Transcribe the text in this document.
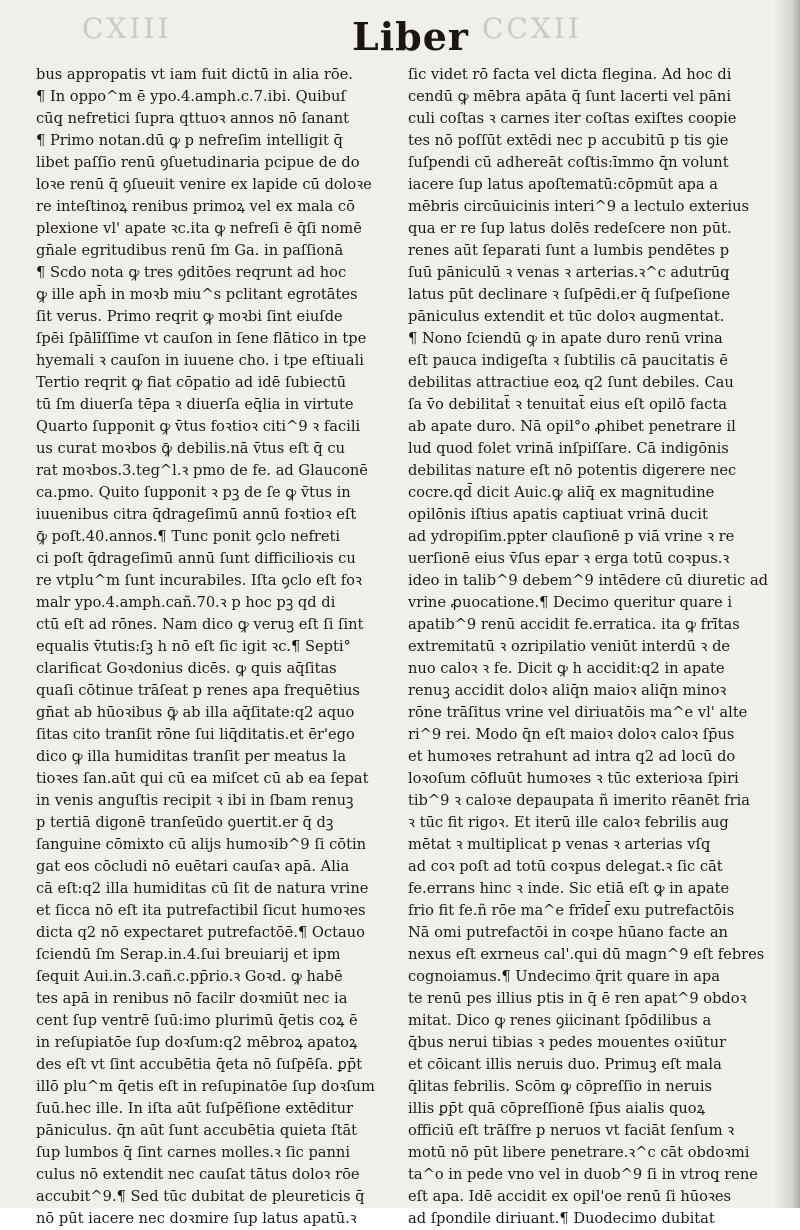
CXIII	CCXII
Liber
bus appropatis vt iam fuit dictū in alia rōe.
¶ In oppo^m ē ypo.4.amph.c.7.ibi. Quibuſ
cūq̧ nefretici ſupra qttuoꝛ annos nō ſanant
¶ Primo notan.dū ꝙ p nefreſim intelligit q̄
libet paſſio renū ꝯſuetudinaria pcipue de do
loꝛe renū q̄ ꝯſueuit venire ex lapide cū doloꝛe
re inteſtinoꝝ renibus primoꝝ vel ex mala cō
plexione vl' apate ꝛc.ita ꝙ nefreſi ē q̄ſi nomē
gn̄ale egritudibus renū ſm Ga. in paſſionā
¶ Scdo nota ꝙ tres ꝯditōes reqrunt ad hoc
ꝙ ille aph̄ in moꝛb miu^s pclitant egrotātes
ſit verus. Primo reqrit ꝙ moꝛbi ſint eiuſde
ſpēi ſpālīſſime vt cauſon in ſene flātico in tpe
hyemali ꝛ cauſon in iuuene cho. i tpe eſtiuali
Tertio reqrit ꝙ fiat cōpatio ad idē ſubiectū
tū ſm diuerſa tēpa ꝛ diuerſa eq̄lia in virtute
Quarto ſupponit ꝙ v̄tus foꝛtioꝛ citi^9 ꝛ facili
us curat moꝛbos ꝙ̄ debilis.nā v̄tus eſt q̄ cu
rat moꝛbos.3.teg^l.ꝛ pmo de fe. ad Glauconē
ca.pmo. Quito ſupponit ꝛ pꝫ de ſe ꝙ v̄tus in
iuuenibus citra q̄drageſimū annū foꝛtioꝛ eſt
ꝙ̄ poſt.40.annos.¶ Tunc ponit ꝯclo nefreti
ci poſt q̄drageſimū annū ſunt difficilioꝛis cu
re vtplu^m ſunt incurabiles. Iſta ꝯclo eſt foꝛ
malr ypo.4.amph.cañ.70.ꝛ p hoc pꝫ qd di
ctū eſt ad rōnes. Nam dico ꝙ veruꝫ eſt ſi ſint
equalis v̄tutis:ſꝫ h nō eſt ſic igit ꝛc.¶ Septi°
clarificat Goꝛdonius dicēs. ꝙ quis aq̄ſitas
quaſi cōtinue trāſeat p renes apa frequētius
gn̄at ab hūoꝛibus ꝙ̄ ab illa aq̄ſitate:q2 aquo
ſitas cito tranſit rōne ſui liq̄ditatis.et ēr'ego
dico ꝙ illa humiditas tranſit per meatus la
tioꝛes ſan.aūt qui cū ea miſcet cū ab ea ſepat
in venis anguſtis recipit ꝛ ibi in ſbam renuꝫ
p tertiā digonē tranſeūdo ꝯuertit.er q̄ dꝫ
ſanguine cōmixto cū alijs humoꝛib^9 ſi cōtin
gat eos cōcludi nō euētari cauſaꝛ apā. Alia
cā eſt:q2 illa humiditas cū ſit de natura vrine
et ſicca nō eſt ita putrefactibil ſicut humoꝛes
dicta q2 nō expectaret putrefactōē.¶ Octauo
ſciendū ſm Serap.in.4.ſui breuiarij et ipm
ſequit Aui.in.3.cañ.c.pp̄rio.ꝛ Goꝛd. ꝙ habē
tes apā in renibus nō facilr doꝛmiūt nec ia
cent ſup ventrē ſuū:imo plurimū q̄etis coꝝ ē
in reſupiatōe ſup doꝛſum:q2 mēbroꝝ apatoꝝ
des eſt vt ſint accubētia q̄eta nō ſuſpēſa. ꝑp̄t
illō plu^m q̄etis eſt in reſupinatōe ſup doꝛſum
ſuū.hec ille. In iſta aūt ſuſpēſione extēditur
pāniculus. q̄n aūt ſunt accubētia quieta ſtāt
ſup lumbos q̄ ſint carnes molles.ꝛ ſic panni
culus nō extendit nec cauſat tātus doloꝛ rōe
accubit^9.¶ Sed tūc dubitat de pleureticis q̄
nō pūt iacere nec doꝛmire ſup latus apatū.ꝛ
ſic videt rō facta vel dicta flegina. Ad hoc di
cendū ꝙ mēbra apāta q̄ ſunt lacerti vel pāni
culi coſtas ꝛ carnes iter coſtas exiſtes coopie
tes nō poſſūt extēdi nec p accubitū p tis ꝯie
ſuſpendi cū adhereāt coſtis:īmmo q̄n volunt
iacere ſup latus apoſtematū:cōpmūt apa a
mēbris circūuicinis interi^9 a lectulo exterius
qua er re ſup latus dolēs redeſcere non pūt.
renes aūt ſeparati ſunt a lumbis pendētes p
ſuū pāniculū ꝛ venas ꝛ arterias.ꝛ^c adutrūq̧
latus pūt declinare ꝛ ſuſpēdi.er q̄ ſuſpeſione
pāniculus extendit et tūc doloꝛ augmentat.
¶ Nono ſciendū ꝙ in apate duro renū vrina
eſt pauca indigeſta ꝛ ſubtilis cā paucitatis ē
debilitas attractiue eoꝝ q2 ſunt debiles. Cau
ſa v̄o debilitat̄ ꝛ tenuitat̄ eius eſt opilō facta
ab apate duro. Nā opil°o ꝓhibet penetrare il
lud quod folet vrinā inſpiſſare. Cā indigōnis
debilitas nature eſt nō potentis digerere nec
cocre.qd̄ dicit Auic.ꝙ aliq̄ ex magnitudine
opilōnis iſtius apatis captiuat vrinā ducit
ad ydropiſim.ppter clauſionē p viā vrine ꝛ re
uerſionē eius v̄ſus epar ꝛ erga totū coꝛpus.ꝛ
ideo in talib^9 debem^9 intēdere cū diuretic ad
vrine ꝓuocatione.¶ Decimo queritur quare i
apatib^9 renū accidit fe.erratica. ita ꝙ frītas
extremitatū ꝛ ozripilatio veniūt interdū ꝛ de
nuo caloꝛ ꝛ fe. Dicit ꝙ h accidit:q2 in apate
renuꝫ accidit doloꝛ aliq̄n maioꝛ aliq̄n minoꝛ
rōne trāſitus vrine vel diriuatōis ma^e vl' alte
ri^9 rei. Modo q̄n eſt maioꝛ doloꝛ caloꝛ ſp̄us
et humoꝛes retrahunt ad intra q2 ad locū do
loꝛoſum cōfluūt humoꝛes ꝛ tūc exterioꝛa ſpiri
tib^9 ꝛ caloꝛe depaupata ñ imerito rēanēt fria
ꝛ tūc fit rigoꝛ. Et iterū ille caloꝛ febrilis aug
mētat ꝛ multiplicat p venas ꝛ arterias vſq̧
ad coꝛ poſt ad totū coꝛpus delegat.ꝛ ſic cāt
fe.errans hinc ꝛ inde. Sic etiā eſt ꝙ in apate
frio fit fe.ñ rōe ma^e frīdeſ̄ exu putrefactōis
Nā omi putrefactōi in coꝛpe hūano facte an
nexus eſt exrneus cal'.qui dū magn^9 eſt febres
cognoiamus.¶ Undecimo q̄rit quare in apa
te renū pes illius ptis in q̄ ē ren apat^9 obdoꝛ
mitat. Dico ꝙ renes ꝯiicinant ſpōdilibus a
q̄bus nerui tibias ꝛ pedes mouentes oꝛiūtur
et cōicant illis neruis duo. Primuꝫ eſt mala
q̄litas febrilis. Scōm ꝙ cōpreſſio in neruis
illis ꝑp̄t quā cōpreſſionē ſp̄us aialis quoꝝ
officiū eſt trāſfre p neruos vt faciāt ſenſum ꝛ
motū nō pūt libere penetrare.ꝛ^c cāt obdoꝛmi
ta^o in pede vno vel in duob^9 ſi in vtroq̧ rene
eſt apa. Idē accidit ex opil'oe renū ſi hūoꝛes
ad ſpondile diriuant.¶ Duodecimo dubitat
